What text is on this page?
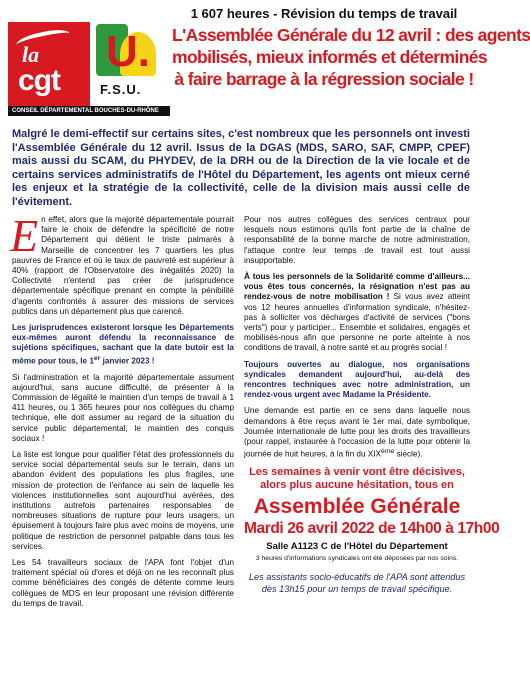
la
cgt
CONSEIL DÉPARTEMENTAL BOUCHES-DU-RHÔNE
U.
F.S.U.
1 607 heures - Révision du temps de travail
L'Assemblée Générale du 12 avril : des agents
mobilisés, mieux informés et déterminés
à faire barrage à la régression sociale !
Malgré le demi-effectif sur certains sites, c'est nombreux que les personnels ont investi l'Assemblée Générale du 12 avril. Issus de la DGAS (MDS, SARO, SAF, CMPP, CPEF) mais aussi du SCAM, du PHYDEV, de la DRH ou de la Direction de la vie locale et de certains services administratifs de l'Hôtel du Département, les agents ont mieux cerné les enjeux et la stratégie de la collectivité, celle de la division mais aussi celle de l'évitement.

En effet, alors que la majorité départementale pourrait faire le choix de défendre la spécificité de notre Département qui détient le triste palmarès à Marseille de concentrer les 7 quartiers les plus pauvres de France et où le taux de pauvreté est supérieur à 40% (rapport de l'Observatoire des inégalités 2020) la Collectivité n'entend pas créer de jurisprudence départementale spécifique prenant en compte la pénibilité d'agents confrontés à assurer des missions de services publics dans un département plus que carencé.

Les jurisprudences existeront lorsque les Départements eux-mêmes auront défendu la reconnaissance de sujétions spécifiques, sachant que la date butoir est la même pour tous, le 1er janvier 2023 !

Si l'administration et la majorité départementale assument aujourd'hui, sans aucune difficulté, de présenter à la Commission de légalité le maintien d'un temps de travail à 1 411 heures, ou 1 365 heures pour nos collègues du champ technique, elle doit assumer au regard de la situation du service public départemental, le maintien des conquis sociaux !

La liste est longue pour qualifier l'état des professionnels du service social départemental seuls sur le terrain, dans un abandon évident des populations les plus fragiles, une mission de protection de l'enfance au sein de laquelle les violences institutionnelles sont aujourd'hui avérées, des institutions autrefois partenaires responsables de nombreuses situations de rupture pour leurs usagers, un épuisement à toujours faire plus avec moins de moyens, une politique de restriction de personnel palpable dans tous les services.

Les 54 travailleurs sociaux de l'APA font l'objet d'un traitement spécial où d'ores et déjà on ne les reconnaît plus comme bénéficiaires des congés de détente comme leurs collègues de MDS en leur proposant une révision différente du temps de travail.

Pour nos autres collègues des services centraux pour lesquels nous estimons qu'ils font partie de la chaîne de responsabilité de la bonne marche de notre administration, l'attaque contre leur temps de travail est tout aussi insupportable.

À tous les personnels de la Solidarité comme d'ailleurs... vous êtes tous concernés, la résignation n'est pas au rendez-vous de notre mobilisation ! Si vous avez atteint vos 12 heures annuelles d'information syndicale, n'hésitez-pas à solliciter vos décharges d'activité de services ("bons verts") pour y participer... Ensemble et solidaires, engagés et mobilisés-nous afin que personne ne porte atteinte à nos conditions de travail, à notre santé et au progrès social !

Toujours ouvertes au dialogue, nos organisations syndicales demandent aujourd'hui, au-delà des rencontres techniques avec notre administration, un rendez-vous urgent avec Madame la Présidente.

Une demande est partie en ce sens dans laquelle nous demandons à être reçus avant le 1er mai, date symbolique, Journée internationale de lutte pour les droits des travailleurs (pour rappel, instaurée à l'occasion de la lutte pour obtenir la journée de huit heures, à la fin du XIXème siècle).

Les semaines à venir vont être décisives,
alors plus aucune hésitation, tous en
Assemblée Générale
Mardi 26 avril 2022 de 14h00 à 17h00
Salle A1123 C de l'Hôtel du Département
3 heures d'informations syndicales ont été déposées par nos soins.
Les assistants socio-éducatifs de l'APA sont attendus dès 13h15 pour un temps de travail spécifique.
